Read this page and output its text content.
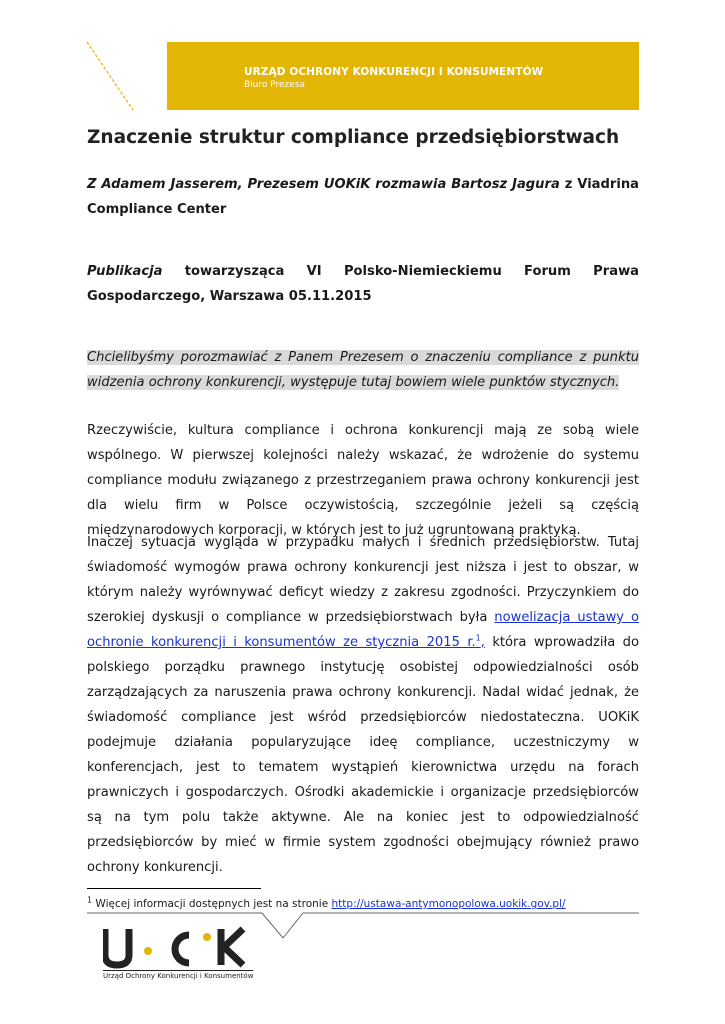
URZĄD OCHRONY KONKURENCJI I KONSUMENTÓW
Biuro Prezesa
Znaczenie struktur compliance przedsiębiorstwach
Z Adamem Jasserem, Prezesem UOKiK rozmawia Bartosz Jagura z Viadrina Compliance Center
Publikacja towarzysząca VI Polsko-Niemieckiemu Forum Prawa Gospodarczego, Warszawa 05.11.2015
Chcielibyśmy porozmawiać z Panem Prezesem o znaczeniu compliance z punktu widzenia ochrony konkurencji, występuje tutaj bowiem wiele punktów stycznych.
Rzeczywiście, kultura compliance i ochrona konkurencji mają ze sobą wiele wspólnego. W pierwszej kolejności należy wskazać, że wdrożenie do systemu compliance modułu związanego z przestrzeganiem prawa ochrony konkurencji jest dla wielu firm w Polsce oczywistością, szczególnie jeżeli są częścią międzynarodowych korporacji, w których jest to już ugruntowaną praktyką.
Inaczej sytuacja wygląda w przypadku małych i średnich przedsiębiorstw. Tutaj świadomość wymogów prawa ochrony konkurencji jest niższa i jest to obszar, w którym należy wyrównywać deficyt wiedzy z zakresu zgodności. Przyczynkiem do szerokiej dyskusji o compliance w przedsiębiorstwach była nowelizacja ustawy o ochronie konkurencji i konsumentów ze stycznia 2015 r.$^1$, która wprowadziła do polskiego porządku prawnego instytucję osobistej odpowiedzialności osób zarządzających za naruszenia prawa ochrony konkurencji. Nadal widać jednak, że świadomość compliance jest wśród przedsiębiorców niedostateczna. UOKiK podejmuje działania popularyzujące ideę compliance, uczestniczymy w konferencjach, jest to tematem wystąpień kierownictwa urzędu na forach prawniczych i gospodarczych. Ośrodki akademickie i organizacje przedsiębiorców są na tym polu także aktywne. Ale na koniec jest to odpowiedzialność przedsiębiorców by mieć w firmie system zgodności obejmujący również prawo ochrony konkurencji.
$^1$ Więcej informacji dostępnych jest na stronie http://ustawa-antymonopolowa.uokik.gov.pl/
Urząd Ochrony Konkurencji i Konsumentów
